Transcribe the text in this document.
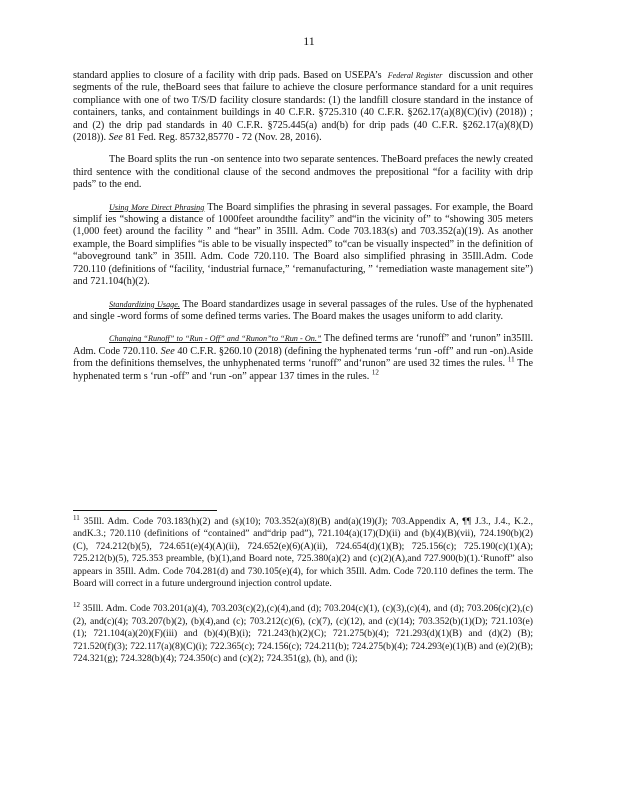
11

standard applies to closure of a facility with drip pads. Based on USEPA’s Federal Register discussion and other segments of the rule, theBoard sees that failure to achieve the closure performance standard for a unit requires compliance with one of two T/S/D facility closure standards: (1) the landfill closure standard in the instance of containers, tanks, and containment buildings in 40 C.F.R. §725.310 (40 C.F.R. §262.17(a)(8)(C)(iv) (2018)) ; and (2) the drip pad standards in 40 C.F.R. §725.445(a) and(b) for drip pads (40 C.F.R. §262.17(a)(8)(D) (2018)). See 81 Fed. Reg. 85732,85770 - 72 (Nov. 28, 2016).

The Board splits the run -on sentence into two separate sentences. TheBoard prefaces the newly created third sentence with the conditional clause of the second andmoves the prepositional “for a facility with drip pads” to the end.

Using More Direct Phrasing The Board simplifies the phrasing in several passages. For example, the Board simplif ies “showing a distance of 1000feet aroundthe facility” and“in the vicinity of” to “showing 305 meters (1,000 feet) around the facility ” and “hear” in 35Ill. Adm. Code 703.183(s) and 703.352(a)(19). As another example, the Board simplifies “is able to be visually inspected” to“can be visually inspected” in the definition of “aboveground tank” in 35Ill. Adm. Code 720.110. The Board also simplified phrasing in 35Ill.Adm. Code 720.110 (definitions of “facility, ‘industrial furnace,” ‘remanufacturing, ” ‘remediation waste management site”) and 721.104(h)(2).

Standardizing Usage. The Board standardizes usage in several passages of the rules. Use of the hyphenated and single -word forms of some defined terms varies. The Board makes the usages uniform to add clarity.

Changing “Runoff” to “Run - Off” and “Runon”to “Run - On.” The defined terms are ‘runoff” and ‘runon” in35Ill. Adm. Code 720.110. See 40 C.F.R. §260.10 (2018) (defining the hyphenated terms ‘run -off” and run -on).Aside from the definitions themselves, the unhyphenated terms ‘runoff” and‘runon” are used 32 times the rules. $^{11}$ The hyphenated term s ‘run -off” and ‘run -on” appear 137 times in the rules. $^{12}$

$^{11}$ 35Ill. Adm. Code 703.183(h)(2) and (s)(10); 703.352(a)(8)(B) and(a)(19)(J); 703.Appendix A, ¶¶ J.3., J.4., K.2., andK.3.; 720.110 (definitions of “contained” and“drip pad”), 721.104(a)(17)(D)(ii) and (b)(4)(B)(vii), 724.190(b)(2)(C), 724.212(b)(5), 724.651(e)(4)(A)(ii), 724.652(e)(6)(A)(ii), 724.654(d)(1)(B); 725.156(c); 725.190(c)(1)(A); 725.212(b)(5), 725.353 preamble, (b)(1),and Board note, 725.380(a)(2) and (c)(2)(A),and 727.900(b)(1).‘Runoff” also appears in 35Ill. Adm. Code 704.281(d) and 730.105(e)(4), for which 35Ill. Adm. Code 720.110 defines the term. The Board will correct in a future underground injection control update.

$^{12}$ 35Ill. Adm. Code 703.201(a)(4), 703.203(c)(2),(c)(4),and (d); 703.204(c)(1), (c)(3),(c)(4), and (d); 703.206(c)(2),(c)(2), and(c)(4); 703.207(b)(2), (b)(4),and (c); 703.212(c)(6), (c)(7), (c)(12), and (c)(14); 703.352(b)(1)(D); 721.103(e)(1); 721.104(a)(20)(F)(iii) and (b)(4)(B)(i); 721.243(h)(2)(C); 721.275(b)(4); 721.293(d)(1)(B) and (d)(2) (B); 721.520(f)(3); 722.117(a)(8)(C)(i); 722.365(c); 724.156(c); 724.211(b); 724.275(b)(4); 724.293(e)(1)(B) and (e)(2)(B); 724.321(g); 724.328(b)(4); 724.350(c) and (c)(2); 724.351(g), (h), and (i);
